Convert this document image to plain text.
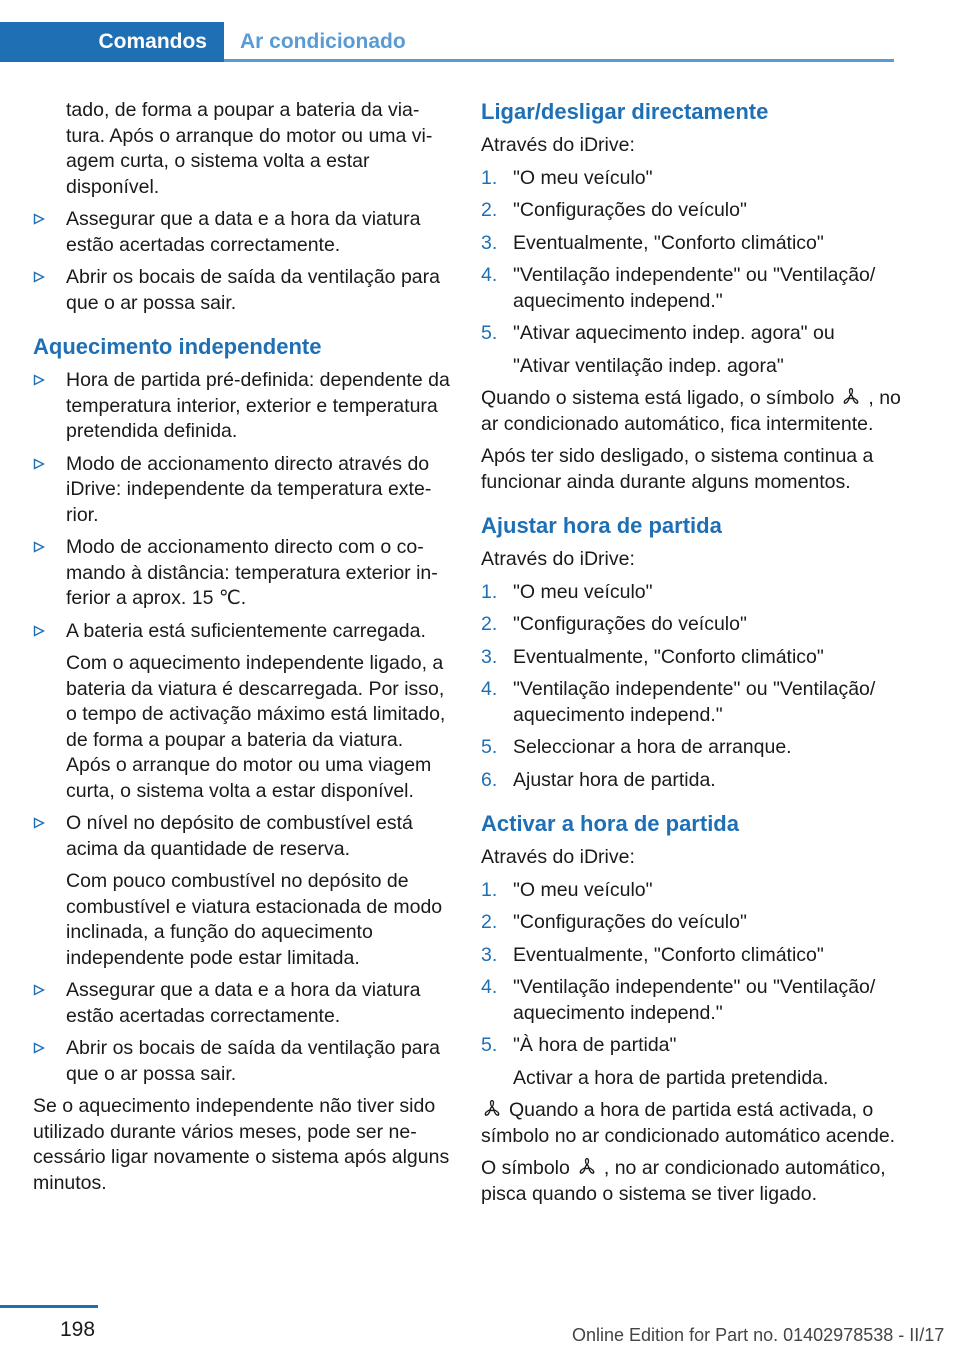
Comandos Ar condicionado

tado, de forma a poupar a bateria da viatura. Após o arranque do motor ou uma viagem curta, o sistema volta a estar disponível.

Assegurar que a data e a hora da viatura estão acertadas correctamente.
Abrir os bocais de saída da ventilação para que o ar possa sair.
Aquecimento independente
Hora de partida pré-definida: dependente da temperatura interior, exterior e temperatura pretendida definida.
Modo de accionamento directo através do iDrive: independente da temperatura exterior.
Modo de accionamento directo com o comando à distância: temperatura exterior inferior a aprox. 15 ℃.
A bateria está suficientemente carregada.
Com o aquecimento independente ligado, a bateria da viatura é descarregada. Por isso, o tempo de activação máximo está limitado, de forma a poupar a bateria da viatura. Após o arranque do motor ou uma viagem curta, o sistema volta a estar disponível.
O nível no depósito de combustível está acima da quantidade de reserva.
Com pouco combustível no depósito de combustível e viatura estacionada de modo inclinada, a função do aquecimento independente pode estar limitada.
Assegurar que a data e a hora da viatura estão acertadas correctamente.
Abrir os bocais de saída da ventilação para que o ar possa sair.

Se o aquecimento independente não tiver sido utilizado durante vários meses, pode ser necessário ligar novamente o sistema após alguns minutos.

Ligar/desligar directamente

Através do iDrive:

1. "O meu veículo"
2. "Configurações do veículo"
3. Eventualmente, "Conforto climático"
4. "Ventilação independente" ou "Ventilação/ aquecimento independ."
5. "Ativar aquecimento indep. agora" ou

"Ativar ventilação indep. agora"

Quando o sistema está ligado, o símbolo , no ar condicionado automático, fica intermitente.

Após ter sido desligado, o sistema continua a funcionar ainda durante alguns momentos.

Ajustar hora de partida

Através do iDrive:

1. "O meu veículo"
2. "Configurações do veículo"
3. Eventualmente, "Conforto climático"
4. "Ventilação independente" ou "Ventilação/ aquecimento independ."
5. Seleccionar a hora de arranque.
6. Ajustar hora de partida.
Activar a hora de partida

Através do iDrive:

1. "O meu veículo"
2. "Configurações do veículo"
3. Eventualmente, "Conforto climático"
4. "Ventilação independente" ou "Ventilação/ aquecimento independ."
5. "À hora de partida"

Activar a hora de partida pretendida.

Quando a hora de partida está activada, o símbolo no ar condicionado automático acende.

O símbolo , no ar condicionado automático, pisca quando o sistema se tiver ligado.

198	Online Edition for Part no. 01402978538 - II/17
